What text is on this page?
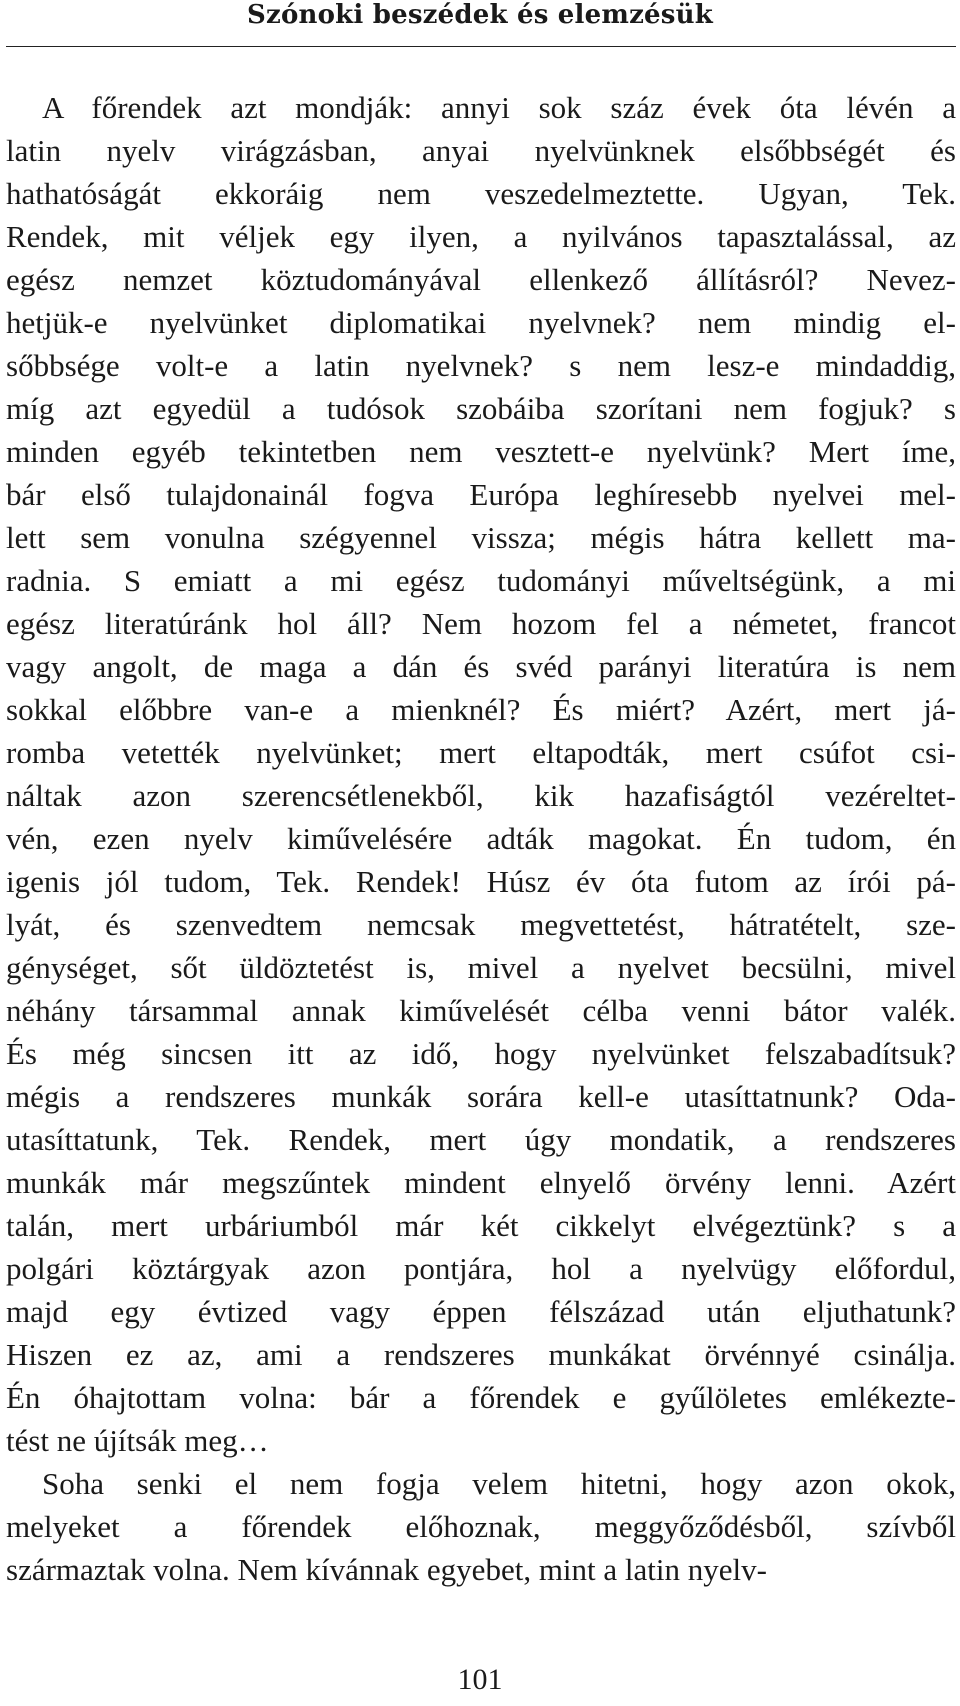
Szónoki beszédek és elemzésük

A főrendek azt mondják: annyi sok száz évek óta lévén a
latin nyelv virágzásban, anyai nyelvünknek elsőbbségét és
hathatóságát ekkoráig nem veszedelmeztette. Ugyan, Tek.
Rendek, mit véljek egy ilyen, a nyilvános tapasztalással, az
egész nemzet köztudományával ellenkező állításról? Nevez-
hetjük-e nyelvünket diplomatikai nyelvnek? nem mindig el-
sőbbsége volt-e a latin nyelvnek? s nem lesz-e mindaddig,
míg azt egyedül a tudósok szobáiba szorítani nem fogjuk? s
minden egyéb tekintetben nem vesztett-e nyelvünk? Mert íme,
bár első tulajdonainál fogva Európa leghíresebb nyelvei mel-
lett sem vonulna szégyennel vissza; mégis hátra kellett ma-
radnia. S emiatt a mi egész tudományi műveltségünk, a mi
egész literatúránk hol áll? Nem hozom fel a németet, francot
vagy angolt, de maga a dán és svéd parányi literatúra is nem
sokkal előbbre van-e a mienknél? És miért? Azért, mert já-
romba vetették nyelvünket; mert eltapodták, mert csúfot csi-
náltak azon szerencsétlenekből, kik hazafiságtól vezéreltet-
vén, ezen nyelv kiművelésére adták magokat. Én tudom, én
igenis jól tudom, Tek. Rendek! Húsz év óta futom az írói pá-
lyát, és szenvedtem nemcsak megvettetést, hátratételt, sze-
génységet, sőt üldöztetést is, mivel a nyelvet becsülni, mivel
néhány társammal annak kiművelését célba venni bátor valék.
És még sincsen itt az idő, hogy nyelvünket felszabadítsuk?
mégis a rendszeres munkák sorára kell-e utasíttatnunk? Oda-
utasíttatunk, Tek. Rendek, mert úgy mondatik, a rendszeres
munkák már megszűntek mindent elnyelő örvény lenni. Azért
talán, mert urbáriumból már két cikkelyt elvégeztünk? s a
polgári köztárgyak azon pontjára, hol a nyelvügy előfordul,
majd egy évtized vagy éppen félszázad után eljuthatunk?
Hiszen ez az, ami a rendszeres munkákat örvénnyé csinálja.
Én óhajtottam volna: bár a főrendek e gyűlöletes emlékeztе-
tést ne újítsák meg…

Soha senki el nem fogja velem hitetni, hogy azon okok,
melyeket a főrendek előhoznak, meggyőződésből, szívből
származtak volna. Nem kívánnak egyebet, mint a latin nyelv-

101
